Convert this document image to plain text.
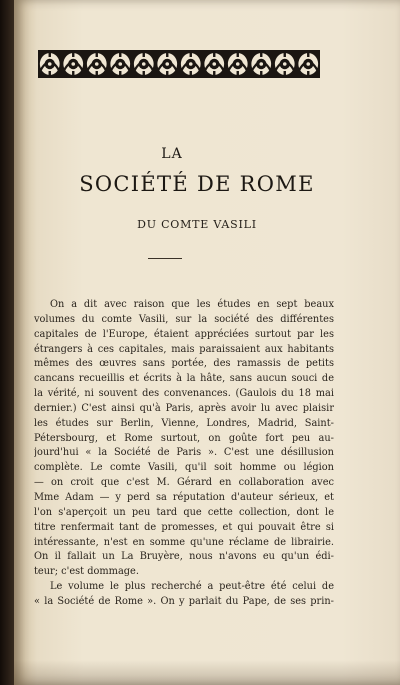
LA
SOCIÉTÉ DE ROME
DU COMTE VASILI
On a dit avec raison que les études en sept beaux
volumes du comte Vasili, sur la société des différentes
capitales de l'Europe, étaient appréciées surtout par les
étrangers à ces capitales, mais paraissaient aux habitants
mêmes des œuvres sans portée, des ramassis de petits
cancans recueillis et écrits à la hâte, sans aucun souci de
la vérité, ni souvent des convenances. (Gaulois du 18 mai
dernier.) C'est ainsi qu'à Paris, après avoir lu avec plaisir
les études sur Berlin, Vienne, Londres, Madrid, Saint-
Pétersbourg, et Rome surtout, on goûte fort peu au-
jourd'hui « la Société de Paris ». C'est une désillusion
complète. Le comte Vasili, qu'il soit homme ou légion
— on croit que c'est M. Gérard en collaboration avec
Mme Adam — y perd sa réputation d'auteur sérieux, et
l'on s'aperçoit un peu tard que cette collection, dont le
titre renfermait tant de promesses, et qui pouvait être si
intéressante, n'est en somme qu'une réclame de librairie.
On il fallait un La Bruyère, nous n'avons eu qu'un édi-
teur; c'est dommage.
Le volume le plus recherché a peut-être été celui de
« la Société de Rome ». On y parlait du Pape, de ses prin-
